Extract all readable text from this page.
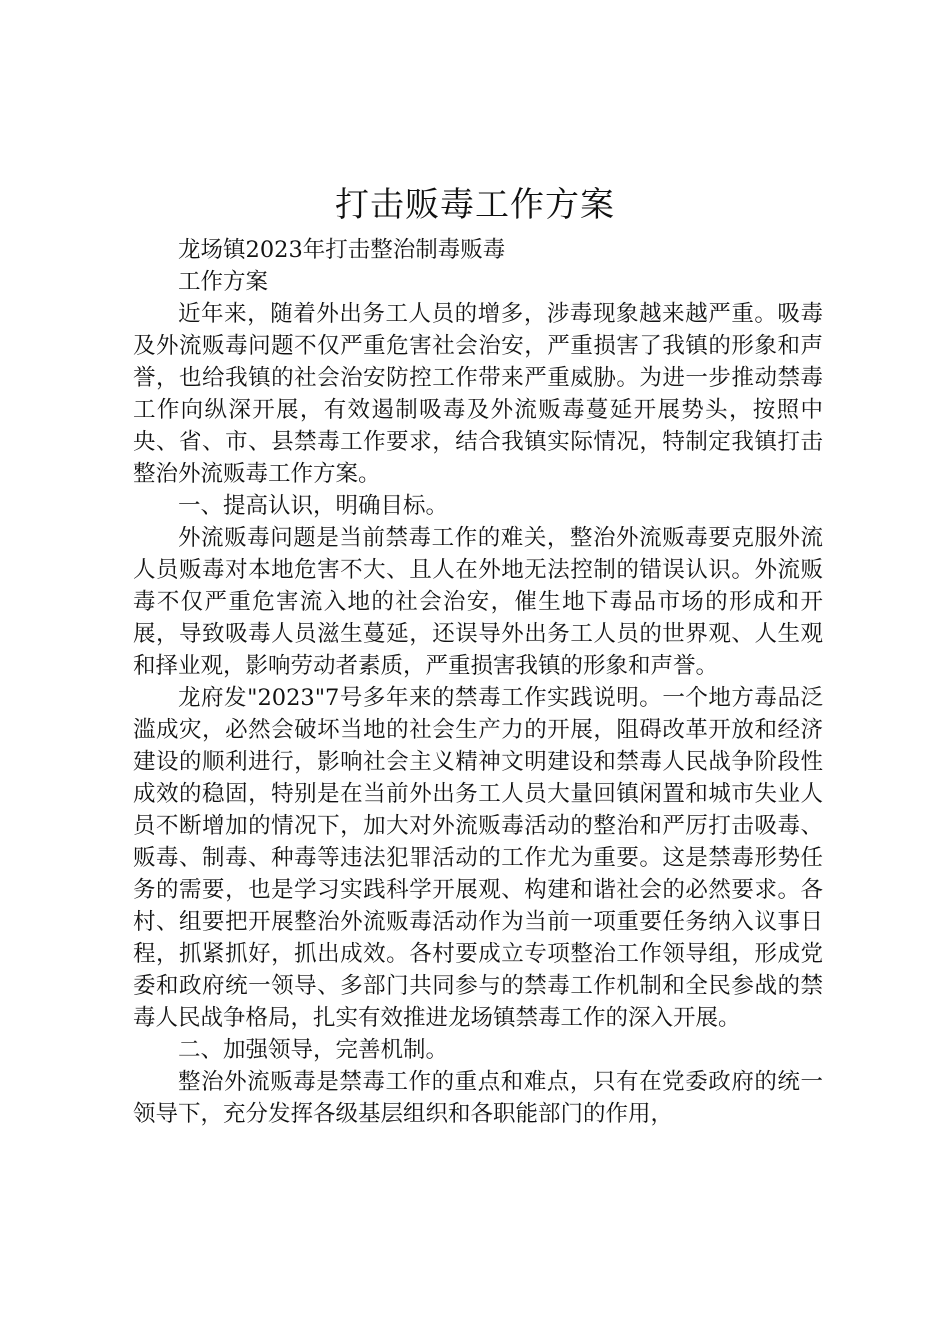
打击贩毒工作方案

龙场镇2023年打击整治制毒贩毒

工作方案

近年来，随着外出务工人员的增多，涉毒现象越来越严重。吸毒及外流贩毒问题不仅严重危害社会治安，严重损害了我镇的形象和声誉，也给我镇的社会治安防控工作带来严重威胁。为进一步推动禁毒工作向纵深开展，有效遏制吸毒及外流贩毒蔓延开展势头，按照中央、省、市、县禁毒工作要求，结合我镇实际情况，特制定我镇打击整治外流贩毒工作方案。

一、提高认识，明确目标。

外流贩毒问题是当前禁毒工作的难关，整治外流贩毒要克服外流人员贩毒对本地危害不大、且人在外地无法控制的错误认识。外流贩毒不仅严重危害流入地的社会治安，催生地下毒品市场的形成和开展，导致吸毒人员滋生蔓延，还误导外出务工人员的世界观、人生观和择业观，影响劳动者素质，严重损害我镇的形象和声誉。

龙府发"2023"7号多年来的禁毒工作实践说明。一个地方毒品泛滥成灾，必然会破坏当地的社会生产力的开展，阻碍改革开放和经济建设的顺利进行，影响社会主义精神文明建设和禁毒人民战争阶段性成效的稳固，特别是在当前外出务工人员大量回镇闲置和城市失业人员不断增加的情况下，加大对外流贩毒活动的整治和严厉打击吸毒、贩毒、制毒、种毒等违法犯罪活动的工作尤为重要。这是禁毒形势任务的需要，也是学习实践科学开展观、构建和谐社会的必然要求。各村、组要把开展整治外流贩毒活动作为当前一项重要任务纳入议事日程，抓紧抓好，抓出成效。各村要成立专项整治工作领导组，形成党委和政府统一领导、多部门共同参与的禁毒工作机制和全民参战的禁毒人民战争格局，扎实有效推进龙场镇禁毒工作的深入开展。

二、加强领导，完善机制。

整治外流贩毒是禁毒工作的重点和难点，只有在党委政府的统一领导下，充分发挥各级基层组织和各职能部门的作用，
